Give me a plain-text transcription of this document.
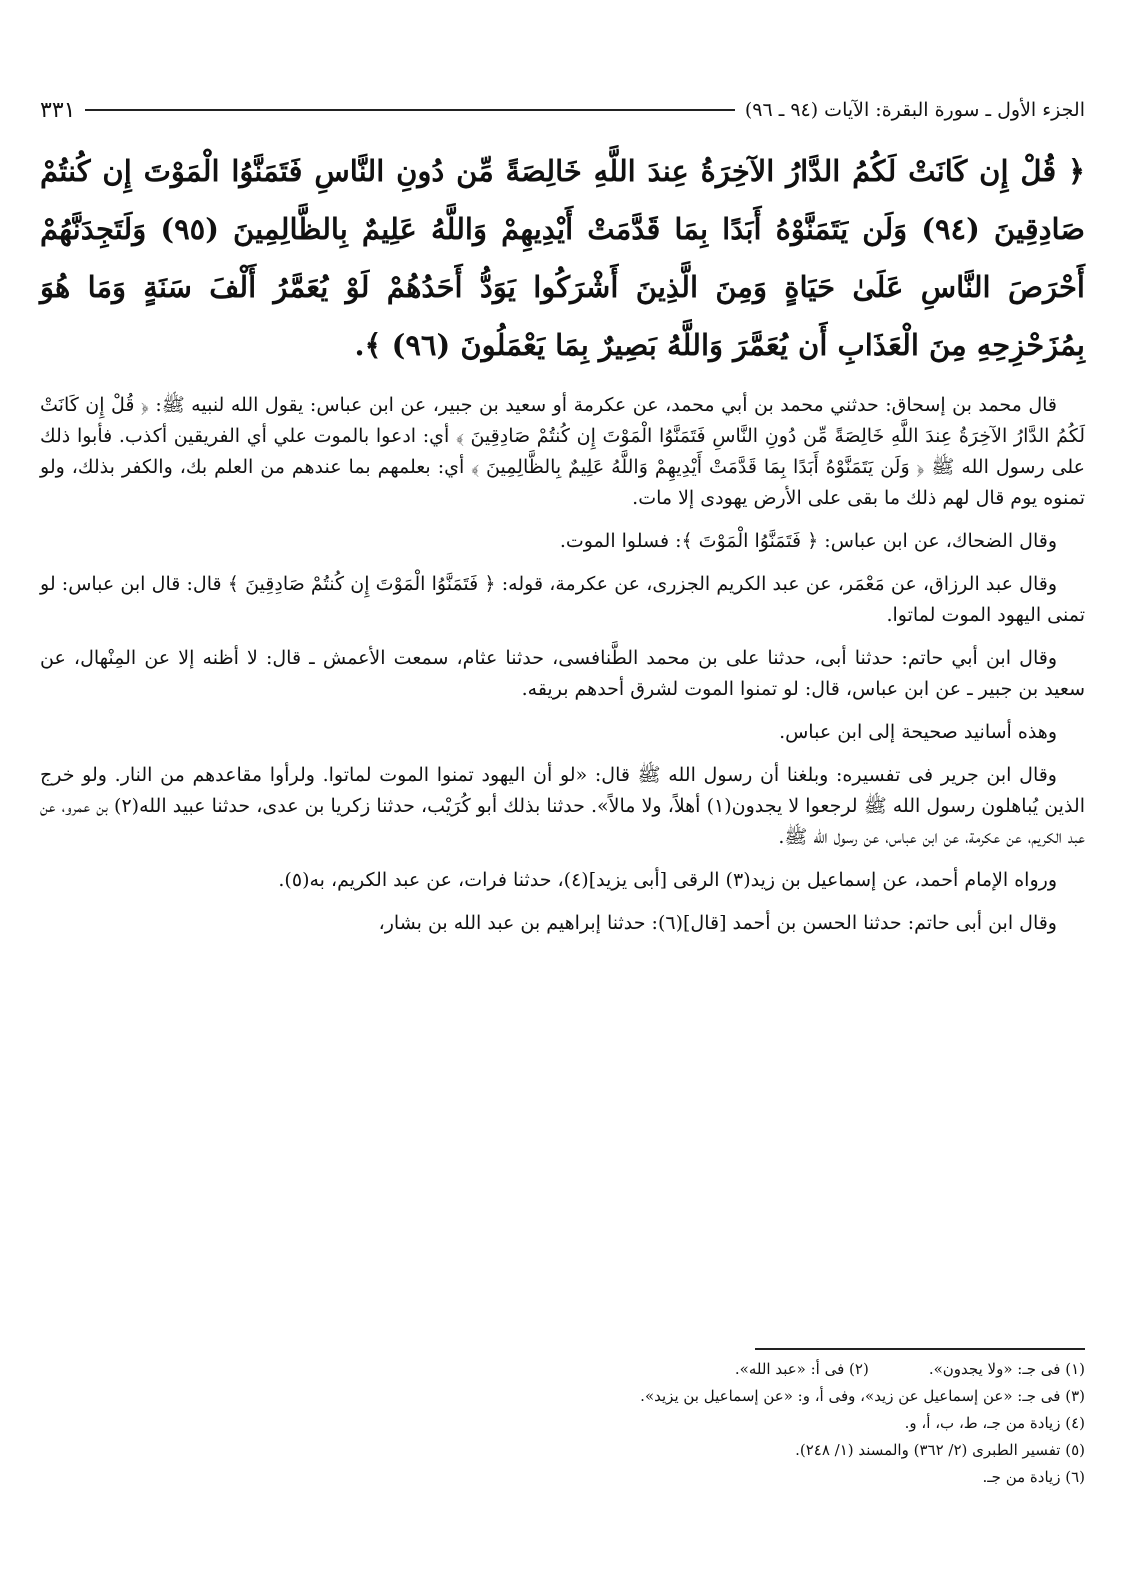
الجزء الأول ـ سورة البقرة: الآيات (٩٤ ـ ٩٦)
٣٣١
﴿ قُلْ إِن كَانَتْ لَكُمُ الدَّارُ الآخِرَةُ عِندَ اللَّهِ خَالِصَةً مِّن دُونِ النَّاسِ فَتَمَنَّوُا الْمَوْتَ إِن كُنتُمْ صَادِقِينَ (٩٤) وَلَن يَتَمَنَّوْهُ أَبَدًا بِمَا قَدَّمَتْ أَيْدِيهِمْ وَاللَّهُ عَلِيمٌ بِالظَّالِمِينَ (٩٥) وَلَتَجِدَنَّهُمْ أَحْرَصَ النَّاسِ عَلَىٰ حَيَاةٍ وَمِنَ الَّذِينَ أَشْرَكُوا يَوَدُّ أَحَدُهُمْ لَوْ يُعَمَّرُ أَلْفَ سَنَةٍ وَمَا هُوَ بِمُزَحْزِحِهِ مِنَ الْعَذَابِ أَن يُعَمَّرَ وَاللَّهُ بَصِيرٌ بِمَا يَعْمَلُونَ (٩٦) ﴾.

قال محمد بن إسحاق: حدثني محمد بن أبي محمد، عن عكرمة أو سعيد بن جبير، عن ابن عباس: يقول الله لنبيه ﷺ: ﴿ قُلْ إِن كَانَتْ لَكُمُ الدَّارُ الآخِرَةُ عِندَ اللَّهِ خَالِصَةً مِّن دُونِ النَّاسِ فَتَمَنَّوُا الْمَوْتَ إِن كُنتُمْ صَادِقِينَ ﴾ أي: ادعوا بالموت علي أي الفريقين أكذب. فأبوا ذلك على رسول الله ﷺ ﴿ وَلَن يَتَمَنَّوْهُ أَبَدًا بِمَا قَدَّمَتْ أَيْدِيهِمْ وَاللَّهُ عَلِيمٌ بِالظَّالِمِينَ ﴾ أي: بعلمهم بما عندهم من العلم بك، والكفر بذلك، ولو تمنوه يوم قال لهم ذلك ما بقى على الأرض يهودى إلا مات.

وقال الضحاك، عن ابن عباس: ﴿ فَتَمَنَّوُا الْمَوْتَ ﴾: فسلوا الموت.

وقال عبد الرزاق، عن مَعْمَر، عن عبد الكريم الجزرى، عن عكرمة، قوله: ﴿ فَتَمَنَّوُا الْمَوْتَ إِن كُنتُمْ صَادِقِينَ ﴾ قال: قال ابن عباس: لو تمنى اليهود الموت لماتوا.

وقال ابن أبي حاتم: حدثنا أبى، حدثنا على بن محمد الطَّنافسى، حدثنا عثام، سمعت الأعمش ـ قال: لا أظنه إلا عن المِنْهال، عن سعيد بن جبير ـ عن ابن عباس، قال: لو تمنوا الموت لشرق أحدهم بريقه.

وهذه أسانيد صحيحة إلى ابن عباس.

وقال ابن جرير فى تفسيره: وبلغنا أن رسول الله ﷺ قال: «لو أن اليهود تمنوا الموت لماتوا. ولرأوا مقاعدهم من النار. ولو خرج الذين يُباهلون رسول الله ﷺ لرجعوا لا يجدون(١) أهلاً، ولا مالاً». حدثنا بذلك أبو كُرَيْب، حدثنا زكريا بن عدى، حدثنا عبيد الله(٢) بن عمرو، عن عبد الكريم، عن عكرمة، عن ابن عباس، عن رسول الله ﷺ.

ورواه الإمام أحمد، عن إسماعيل بن زيد(٣) الرقى [أبى يزيد](٤)، حدثنا فرات، عن عبد الكريم، به(٥).

وقال ابن أبى حاتم: حدثنا الحسن بن أحمد [قال](٦): حدثنا إبراهيم بن عبد الله بن بشار،

(١) فى جـ: «ولا يجدون».
(٢) فى أ: «عبد الله».
(٣) فى جـ: «عن إسماعيل عن زيد»، وفى أ، و: «عن إسماعيل بن يزيد».
(٤) زيادة من جـ، ط، ب، أ، و.
(٥) تفسير الطبرى (٢/ ٣٦٢) والمسند (١/ ٢٤٨).
(٦) زيادة من جـ.
